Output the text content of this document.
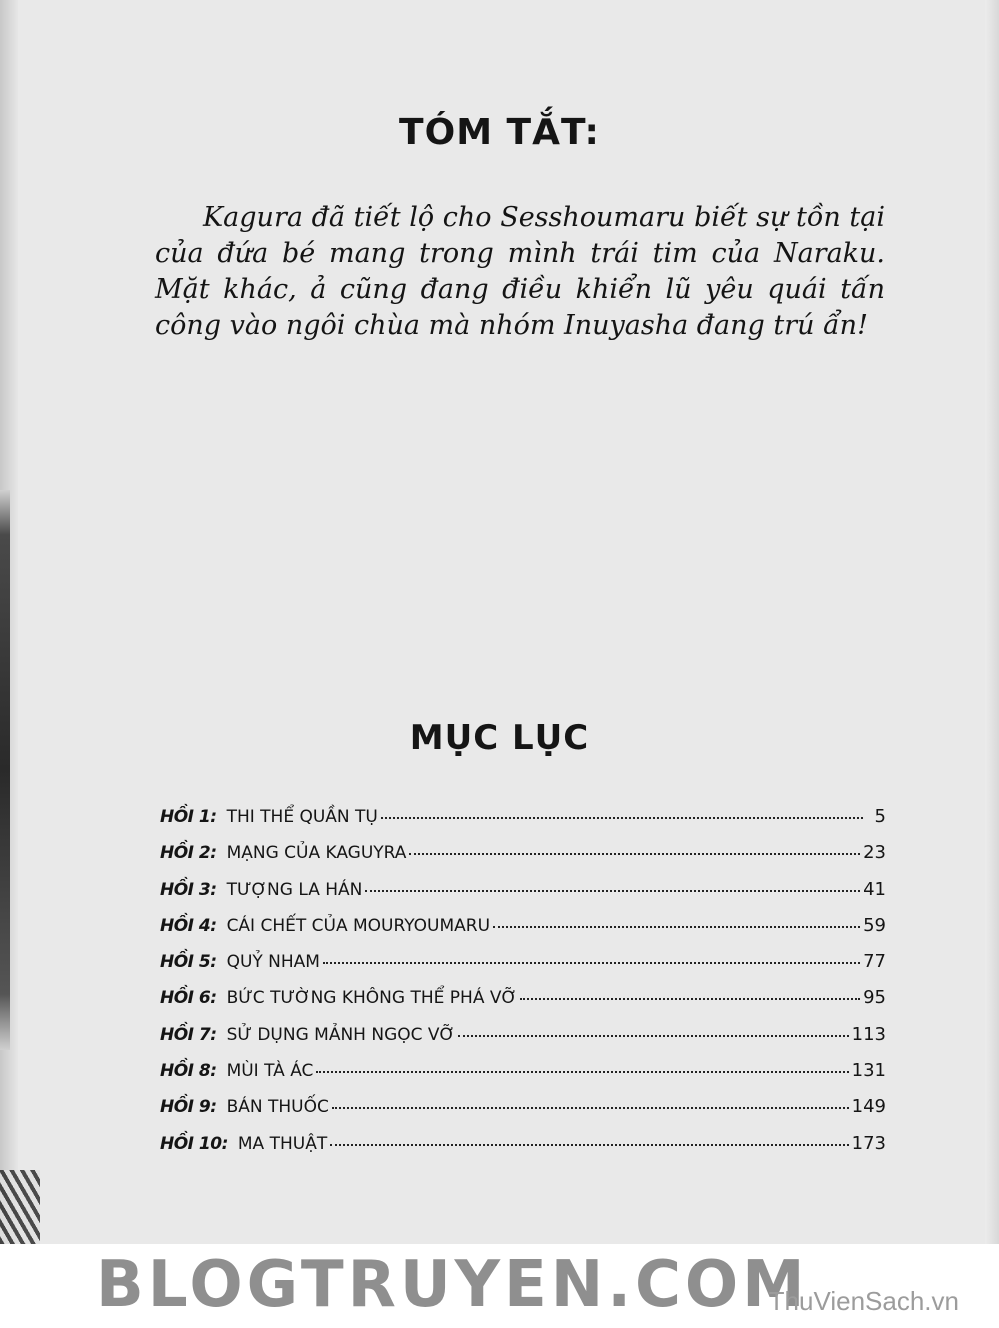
TÓM TẮT:

Kagura đã tiết lộ cho Sesshoumaru biết sự tồn tại của đứa bé mang trong mình trái tim của Naraku. Mặt khác, ả cũng đang điều khiển lũ yêu quái tấn công vào ngôi chùa mà nhóm Inuyasha đang trú ẩn!

MỤC LỤC
HỒI 1: THI THỂ QUẦN TỤ	5
HỒI 2: MẠNG CỦA KAGUYRA	23
HỒI 3: TƯỢNG LA HÁN	41
HỒI 4: CÁI CHẾT CỦA MOURYOUMARU	59
HỒI 5: QUỶ NHAM	77
HỒI 6: BỨC TƯỜNG KHÔNG THỂ PHÁ VỠ	95
HỒI 7: SỬ DỤNG MẢNH NGỌC VỠ	113
HỒI 8: MÙI TÀ ÁC	131
HỒI 9: BÁN THUỐC	149
HỒI 10: MA THUẬT	173
BLOGTRUYEN.COM
ThuVienSach.vn
